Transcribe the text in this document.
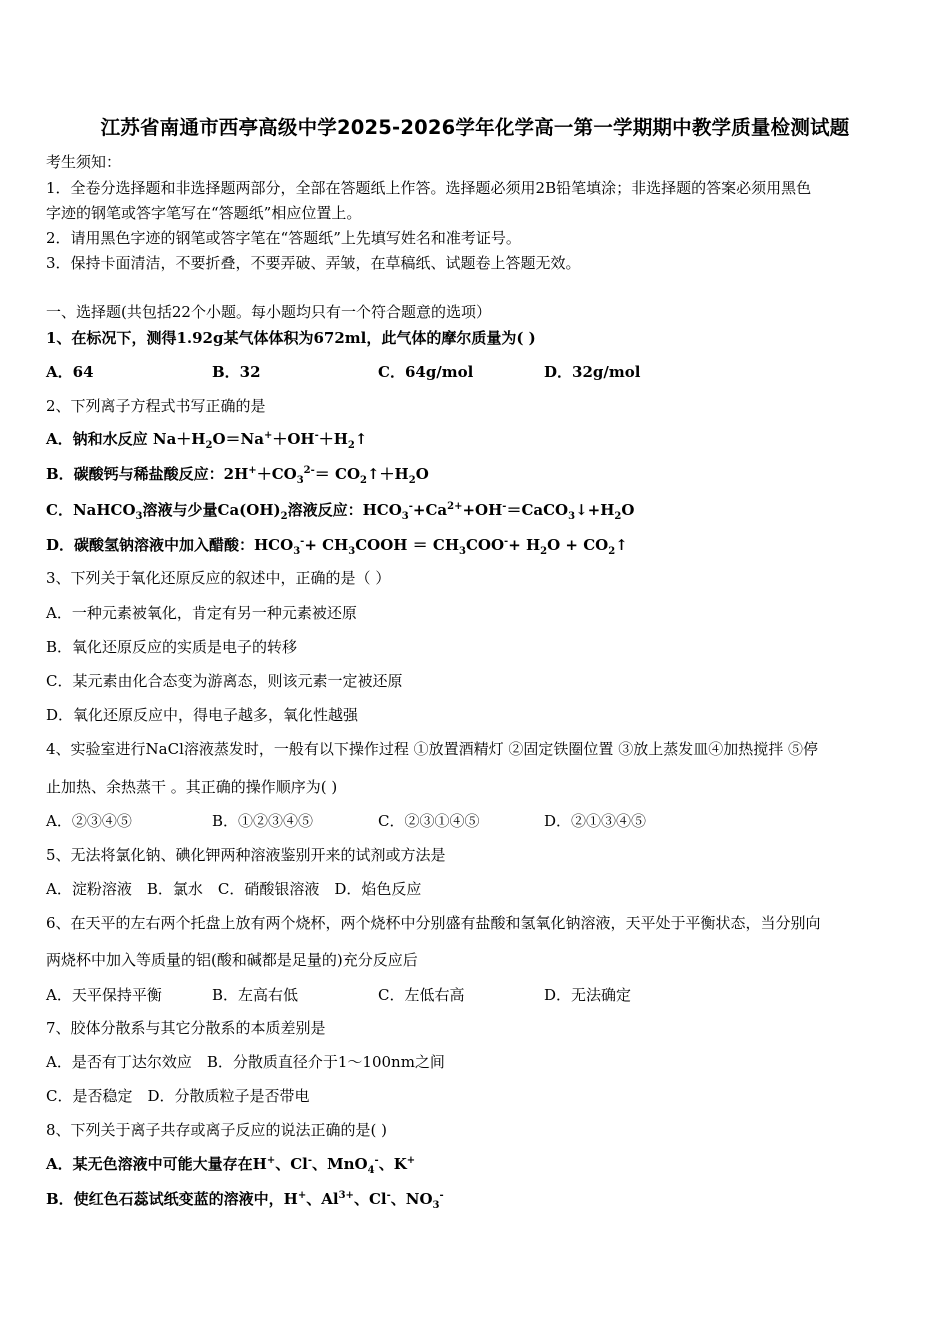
江苏省南通市西亭高级中学2025-2026学年化学高一第一学期期中教学质量检测试题
考生须知：
1．全卷分选择题和非选择题两部分，全部在答题纸上作答。选择题必须用2B铅笔填涂；非选择题的答案必须用黑色
字迹的钢笔或答字笔写在“答题纸”相应位置上。
2．请用黑色字迹的钢笔或答字笔在“答题纸”上先填写姓名和准考证号。
3．保持卡面清洁，不要折叠，不要弄破、弄皱，在草稿纸、试题卷上答题无效。
一、选择题(共包括22个小题。每小题均只有一个符合题意的选项）
1、在标况下，测得1.92g某气体体积为672ml，此气体的摩尔质量为( )
A．64	B．32	C．64g/mol	D．32g/mol
2、下列离子方程式书写正确的是
A．钠和水反应 $Na+H_2O=Na^++OH^-+H_2↑$
B．碳酸钙与稀盐酸反应：$2H^++CO_3^{2-}=$ $CO_2↑+H_2O$
C．NaHCO$_3$溶液与少量$Ca(OH)_2$溶液反应：$HCO_3^-+Ca^{2+}+OH^-=CaCO_3↓+H_2O$
D．碳酸氢钠溶液中加入醋酸：$HCO_3^-+$ $CH_3COOH = CH_3COO^-+ H_2O$ + $CO_2↑$
3、下列关于氧化还原反应的叙述中，正确的是（ ）
A．一种元素被氧化，肯定有另一种元素被还原
B．氧化还原反应的实质是电子的转移
C．某元素由化合态变为游离态，则该元素一定被还原
D．氧化还原反应中，得电子越多，氧化性越强
4、实验室进行NaCl溶液蒸发时，一般有以下操作过程 ①放置酒精灯 ②固定铁圈位置 ③放上蒸发皿④加热搅拌 ⑤停
止加热、余热蒸干 。其正确的操作顺序为( )
A．②③④⑤	B．①②③④⑤	C．②③①④⑤	D．②①③④⑤
5、无法将氯化钠、碘化钾两种溶液鉴别开来的试剂或方法是
A．淀粉溶液　B．氯水　C．硝酸银溶液　D．焰色反应
6、在天平的左右两个托盘上放有两个烧杯，两个烧杯中分别盛有盐酸和氢氧化钠溶液，天平处于平衡状态，当分别向
两烧杯中加入等质量的铝(酸和碱都是足量的)充分反应后
A．天平保持平衡	B．左高右低	C．左低右高	D．无法确定
7、胶体分散系与其它分散系的本质差别是
A．是否有丁达尔效应　B．分散质直径介于1～100nm之间
C．是否稳定　D．分散质粒子是否带电
8、下列关于离子共存或离子反应的说法正确的是( )
A．某无色溶液中可能大量存在H+、Cl-、MnO$_4$-、K+
B．使红色石蕊试纸变蓝的溶液中，H+、$Al^{3+}$、Cl-、$NO_3^-$
